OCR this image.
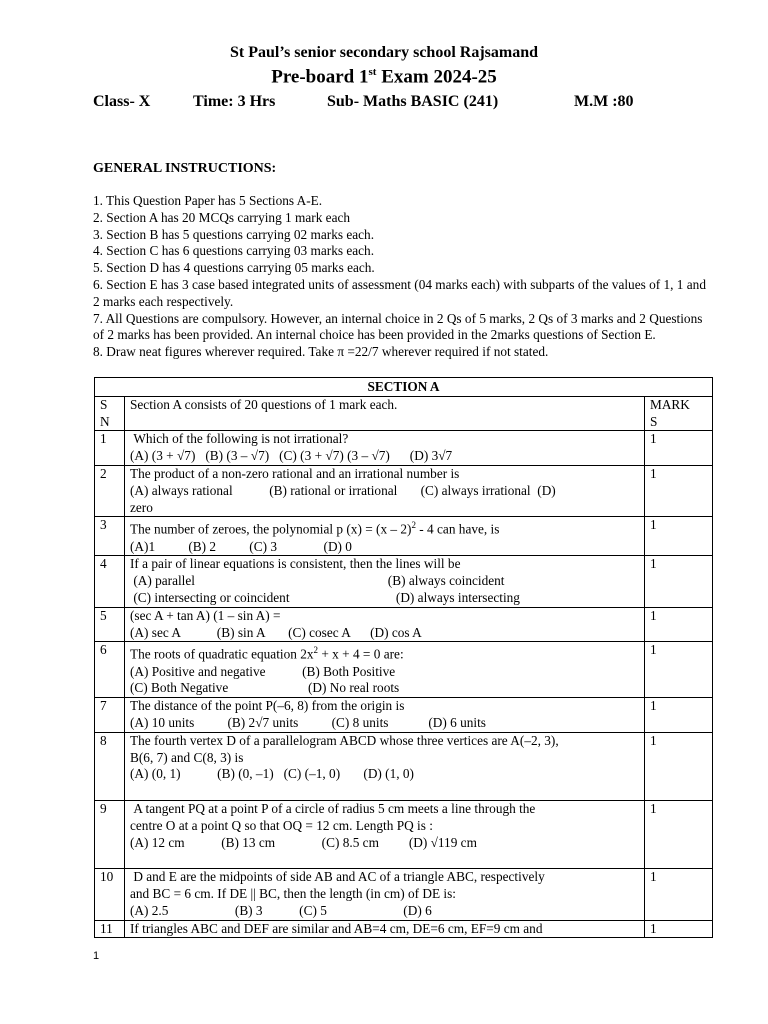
St Paul’s senior secondary school Rajsamand
Pre-board 1st Exam 2024-25
Class- X	Time: 3 Hrs	Sub- Maths BASIC (241)	M.M :80
GENERAL INSTRUCTIONS:
1. This Question Paper has 5 Sections A-E.
2. Section A has 20 MCQs carrying 1 mark each
3. Section B has 5 questions carrying 02 marks each.
4. Section C has 6 questions carrying 03 marks each.
5. Section D has 4 questions carrying 05 marks each.
6. Section E has 3 case based integrated units of assessment (04 marks each) with subparts of the values of 1, 1 and 2 marks each respectively.
7. All Questions are compulsory. However, an internal choice in 2 Qs of 5 marks, 2 Qs of 3 marks and 2 Questions of 2 marks has been provided. An internal choice has been provided in the 2marks questions of Section E.
8. Draw neat figures wherever required. Take π =22/7 wherever required if not stated.
SECTION A		
S
N	Section A consists of 20 questions of 1 mark each.	MARK
S
1	Which of the following is not irrational?
(A) (3 + √7)   (B) (3 – √7)   (C) (3 + √7) (3 – √7)      (D) 3√7	1
2	The product of a non-zero rational and an irrational number is
(A) always rational           (B) rational or irrational       (C) always irrational  (D)
zero	1
3	The number of zeroes, the polynomial p (x) = (x – 2)$^2$ - 4 can have, is
(A)1          (B) 2          (C) 3              (D) 0	1
4	If a pair of linear equations is consistent, then the lines will be
(A) parallel                                                          (B) always coincident
(C) intersecting or coincident                                (D) always intersecting	1
5	(sec A + tan A) (1 – sin A) =
(A) sec A           (B) sin A       (C) cosec A      (D) cos A	1
6	The roots of quadratic equation $2x^2 + x + 4 = 0$ are:
(A) Positive and negative           (B) Both Positive
(C) Both Negative                        (D) No real roots	1
7	The distance of the point P(–6, 8) from the origin is
(A) 10 units          (B) 2√7 units          (C) 8 units            (D) 6 units	1
8	The fourth vertex D of a parallelogram ABCD whose three vertices are A(–2, 3),
B(6, 7) and C(8, 3) is
(A) (0, 1)           (B) (0, –1)   (C) (–1, 0)       (D) (1, 0)	1
9	A tangent PQ at a point P of a circle of radius 5 cm meets a line through the
centre O at a point Q so that OQ = 12 cm. Length PQ is :
(A) 12 cm           (B) 13 cm              (C) 8.5 cm         (D) √119 cm	1
10	D and E are the midpoints of side AB and AC of a triangle ABC, respectively
and BC = 6 cm. If DE || BC, then the length (in cm) of DE is:
(A) 2.5                    (B) 3           (C) 5                       (D) 6	1
11	If triangles ABC and DEF are similar and AB=4 cm, DE=6 cm, EF=9 cm and	1
1
